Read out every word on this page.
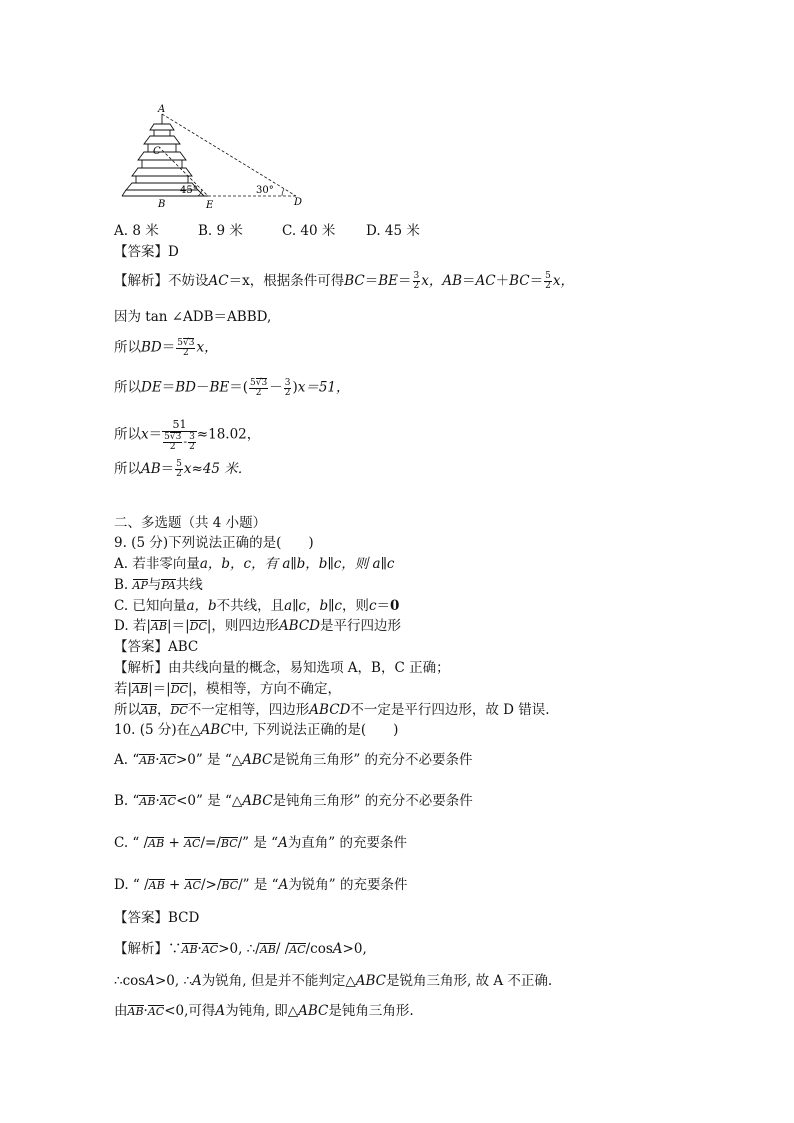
A
C
B	E	D
45°	30°
A. 8 米	B. 9 米	C. 40 米 D. 45 米
【答案】D
【解析】不妨设AC＝x，根据条件可得$BC=BE= \frac{3}{2}$ x，$AB=AC+BC= \frac{5}{2}$ x，
因为 tan ∠ADB＝ABBD,
所以$BD= \frac{5√3}{2}$ x，
所以$DE=BD-BE=( \frac{5√3}{2} - \frac{3}{2} )x=51$，
所以$x= \frac{51}{\frac{5√3}{2} - \frac{3}{2}} \approx 18.02$，
所以$AB= \frac{5}{2} x\approx 45$ 米．
二、多选题（共 4 小题）
9. (5 分)下列说法正确的是(　　)
A. 若非零向量a，b，c，有 a∥b，b∥c，则 a∥c
B. AP与PA共线
C. 已知向量a，b不共线，且a∥c，b∥c，则c＝0
D. 若|AB|＝|DC|，则四边形ABCD是平行四边形
【答案】ABC
【解析】由共线向量的概念，易知选项 A，B，C 正确；
若|AB|＝|DC|，模相等，方向不确定，
所以AB，DC不一定相等，四边形ABCD不一定是平行四边形，故 D 错误.
10. (5 分)在△ABC中, 下列说法正确的是(　　)
A. “AB·AC>0” 是 “△ABC是锐角三角形” 的充分不必要条件
B. “AB·AC<0” 是 “△ABC是钝角三角形” 的充分不必要条件
C. “ /AB + AC/=/BC/” 是 “A为直角” 的充要条件
D. “ /AB + AC/>/BC/” 是 “A为锐角” 的充要条件
【答案】BCD
【解析】∵AB·AC>0, ∴/AB/ /AC/cosA>0,
∴cosA>0, ∴A为锐角, 但是并不能判定△ABC是锐角三角形, 故 A 不正确.
由AB·AC<0,可得A为钝角, 即△ABC是钝角三角形.
